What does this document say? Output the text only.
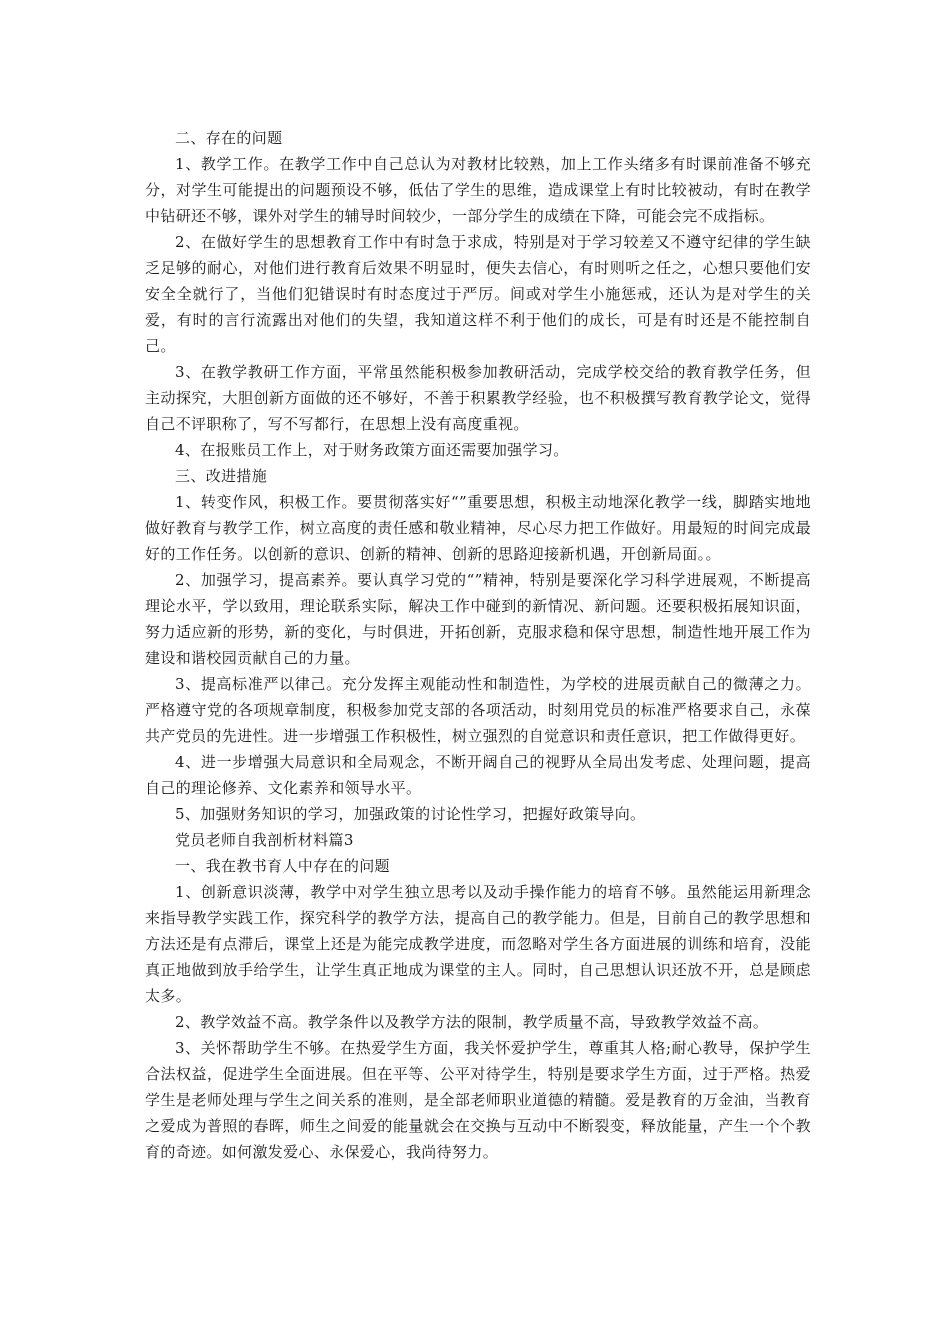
二、存在的问题

1、教学工作。在教学工作中自己总认为对教材比较熟，加上工作头绪多有时课前准备不够充分，对学生可能提出的问题预设不够，低估了学生的思维，造成课堂上有时比较被动，有时在教学中钻研还不够，课外对学生的辅导时间较少，一部分学生的成绩在下降，可能会完不成指标。

2、在做好学生的思想教育工作中有时急于求成，特别是对于学习较差又不遵守纪律的学生缺乏足够的耐心，对他们进行教育后效果不明显时，便失去信心，有时则听之任之，心想只要他们安安全全就行了，当他们犯错误时有时态度过于严厉。间或对学生小施惩戒，还认为是对学生的关爱，有时的言行流露出对他们的失望，我知道这样不利于他们的成长，可是有时还是不能控制自己。

3、在教学教研工作方面，平常虽然能积极参加教研活动，完成学校交给的教育教学任务，但主动探究，大胆创新方面做的还不够好，不善于积累教学经验，也不积极撰写教育教学论文，觉得自己不评职称了，写不写都行，在思想上没有高度重视。

4、在报账员工作上，对于财务政策方面还需要加强学习。

三、改进措施

1、转变作风，积极工作。要贯彻落实好“”重要思想，积极主动地深化教学一线，脚踏实地地做好教育与教学工作，树立高度的责任感和敬业精神，尽心尽力把工作做好。用最短的时间完成最好的工作任务。以创新的意识、创新的精神、创新的思路迎接新机遇，开创新局面。。

2、加强学习，提高素养。要认真学习党的“”精神，特别是要深化学习科学进展观，不断提高理论水平，学以致用，理论联系实际，解决工作中碰到的新情况、新问题。还要积极拓展知识面，努力适应新的形势，新的变化，与时俱进，开拓创新，克服求稳和保守思想，制造性地开展工作为建设和谐校园贡献自己的力量。

3、提高标准严以律己。充分发挥主观能动性和制造性，为学校的进展贡献自己的微薄之力。严格遵守党的各项规章制度，积极参加党支部的各项活动，时刻用党员的标准严格要求自己，永葆共产党员的先进性。进一步增强工作积极性，树立强烈的自觉意识和责任意识，把工作做得更好。

4、进一步增强大局意识和全局观念，不断开阔自己的视野从全局出发考虑、处理问题，提高自己的理论修养、文化素养和领导水平。

5、加强财务知识的学习，加强政策的讨论性学习，把握好政策导向。

党员老师自我剖析材料篇3

一、我在教书育人中存在的问题

1、创新意识淡薄，教学中对学生独立思考以及动手操作能力的培育不够。虽然能运用新理念来指导教学实践工作，探究科学的教学方法，提高自己的教学能力。但是，目前自己的教学思想和方法还是有点滞后，课堂上还是为能完成教学进度，而忽略对学生各方面进展的训练和培育，没能真正地做到放手给学生，让学生真正地成为课堂的主人。同时，自己思想认识还放不开，总是顾虑太多。

2、教学效益不高。教学条件以及教学方法的限制，教学质量不高，导致教学效益不高。

3、关怀帮助学生不够。在热爱学生方面，我关怀爱护学生，尊重其人格;耐心教导，保护学生合法权益，促进学生全面进展。但在平等、公平对待学生，特别是要求学生方面，过于严格。热爱学生是老师处理与学生之间关系的准则，是全部老师职业道德的精髓。爱是教育的万金油，当教育之爱成为普照的春晖，师生之间爱的能量就会在交换与互动中不断裂变，释放能量，产生一个个教育的奇迹。如何激发爱心、永保爱心，我尚待努力。
